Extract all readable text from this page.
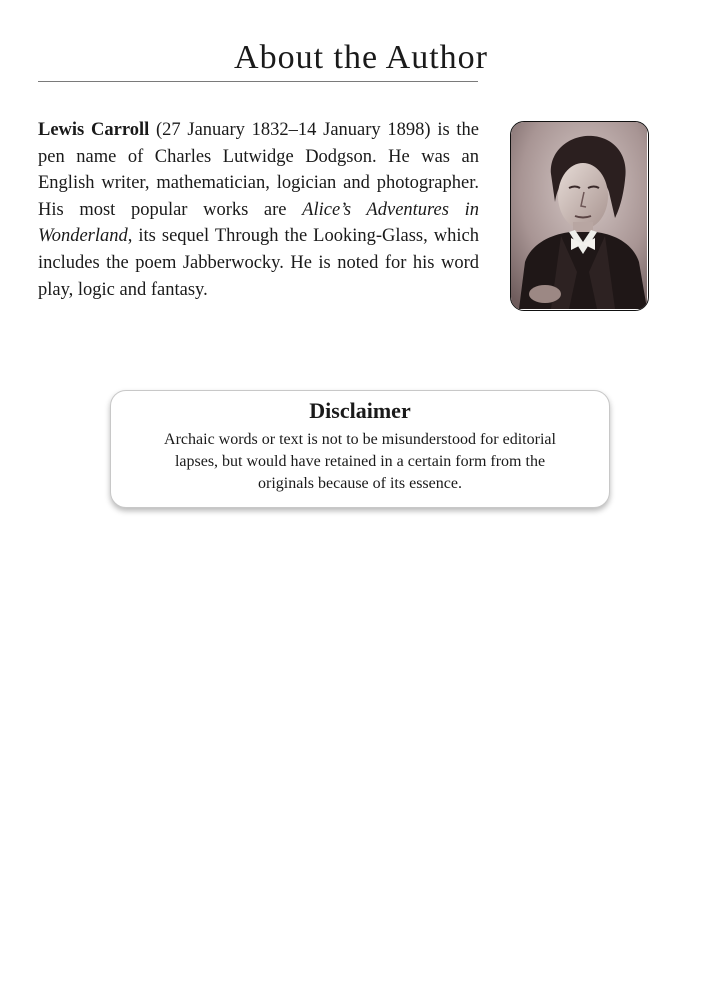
About the Author

Lewis Carroll (27 January 1832–14 January 1898) is the pen name of Charles Lutwidge Dodgson. He was an English writer, mathematician, logician and photographer. His most popular works are Alice’s Adventures in Wonderland, its sequel Through the Looking-Glass, which includes the poem Jabberwocky. He is noted for his word play, logic and fantasy.

Disclaimer
Archaic words or text is not to be misunderstood for editorial lapses, but would have retained in a certain form from the originals because of its essence.
